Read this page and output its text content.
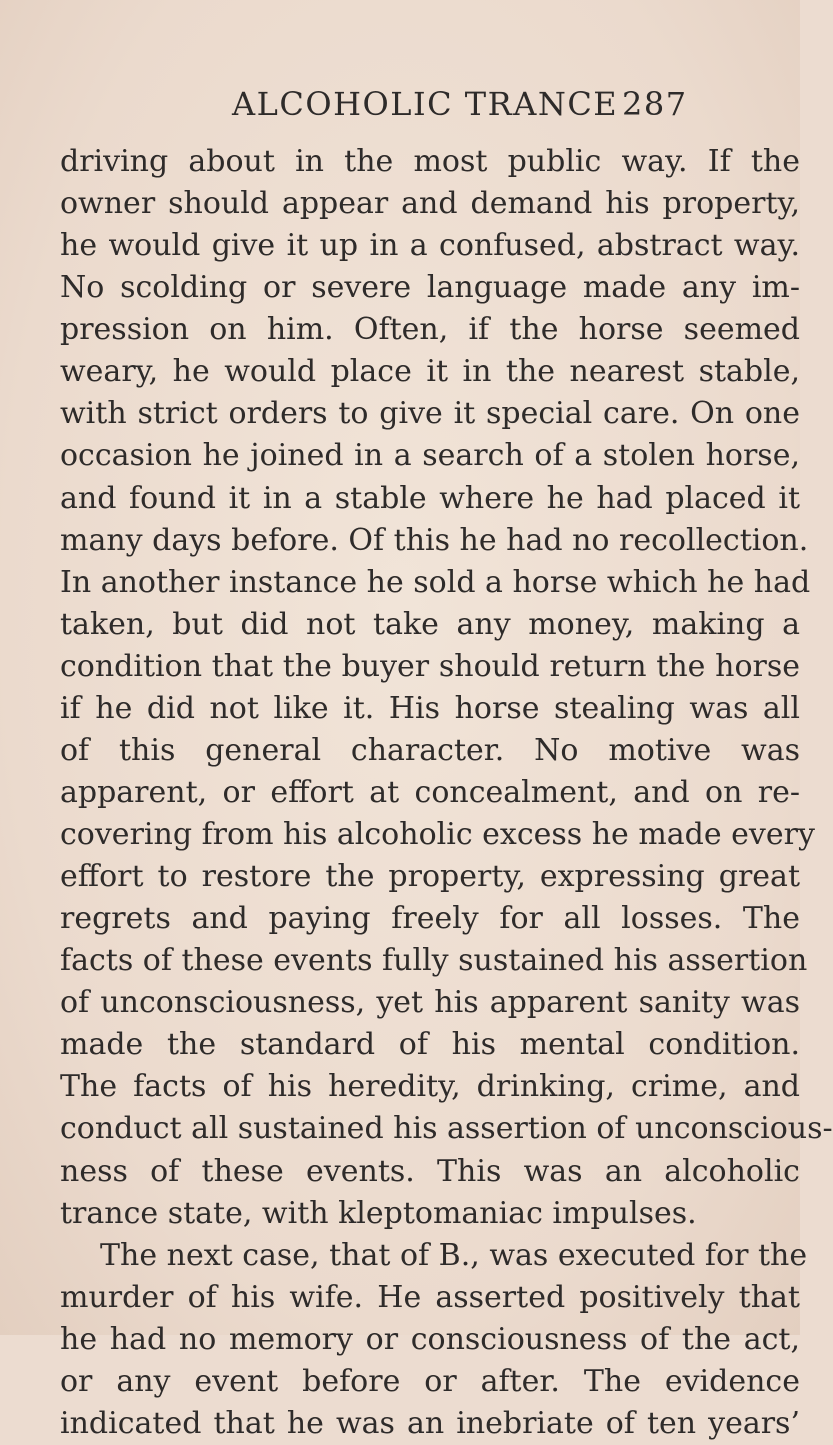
ALCOHOLIC TRANCE 287
driving about in the most public way. If the
owner should appear and demand his property,
he would give it up in a confused, abstract way.
No scolding or severe language made any im-
pression on him. Often, if the horse seemed
weary, he would place it in the nearest stable,
with strict orders to give it special care. On one
occasion he joined in a search of a stolen horse,
and found it in a stable where he had placed it
many days before. Of this he had no recollection.
In another instance he sold a horse which he had
taken, but did not take any money, making a
condition that the buyer should return the horse
if he did not like it. His horse stealing was all
of this general character. No motive was
apparent, or effort at concealment, and on re-
covering from his alcoholic excess he made every
effort to restore the property, expressing great
regrets and paying freely for all losses. The
facts of these events fully sustained his assertion
of unconsciousness, yet his apparent sanity was
made the standard of his mental condition.
The facts of his heredity, drinking, crime, and
conduct all sustained his assertion of unconscious-
ness of these events. This was an alcoholic
trance state, with kleptomaniac impulses.
The next case, that of B., was executed for the
murder of his wife. He asserted positively that
he had no memory or consciousness of the act,
or any event before or after. The evidence
indicated that he was an inebriate of ten years’
